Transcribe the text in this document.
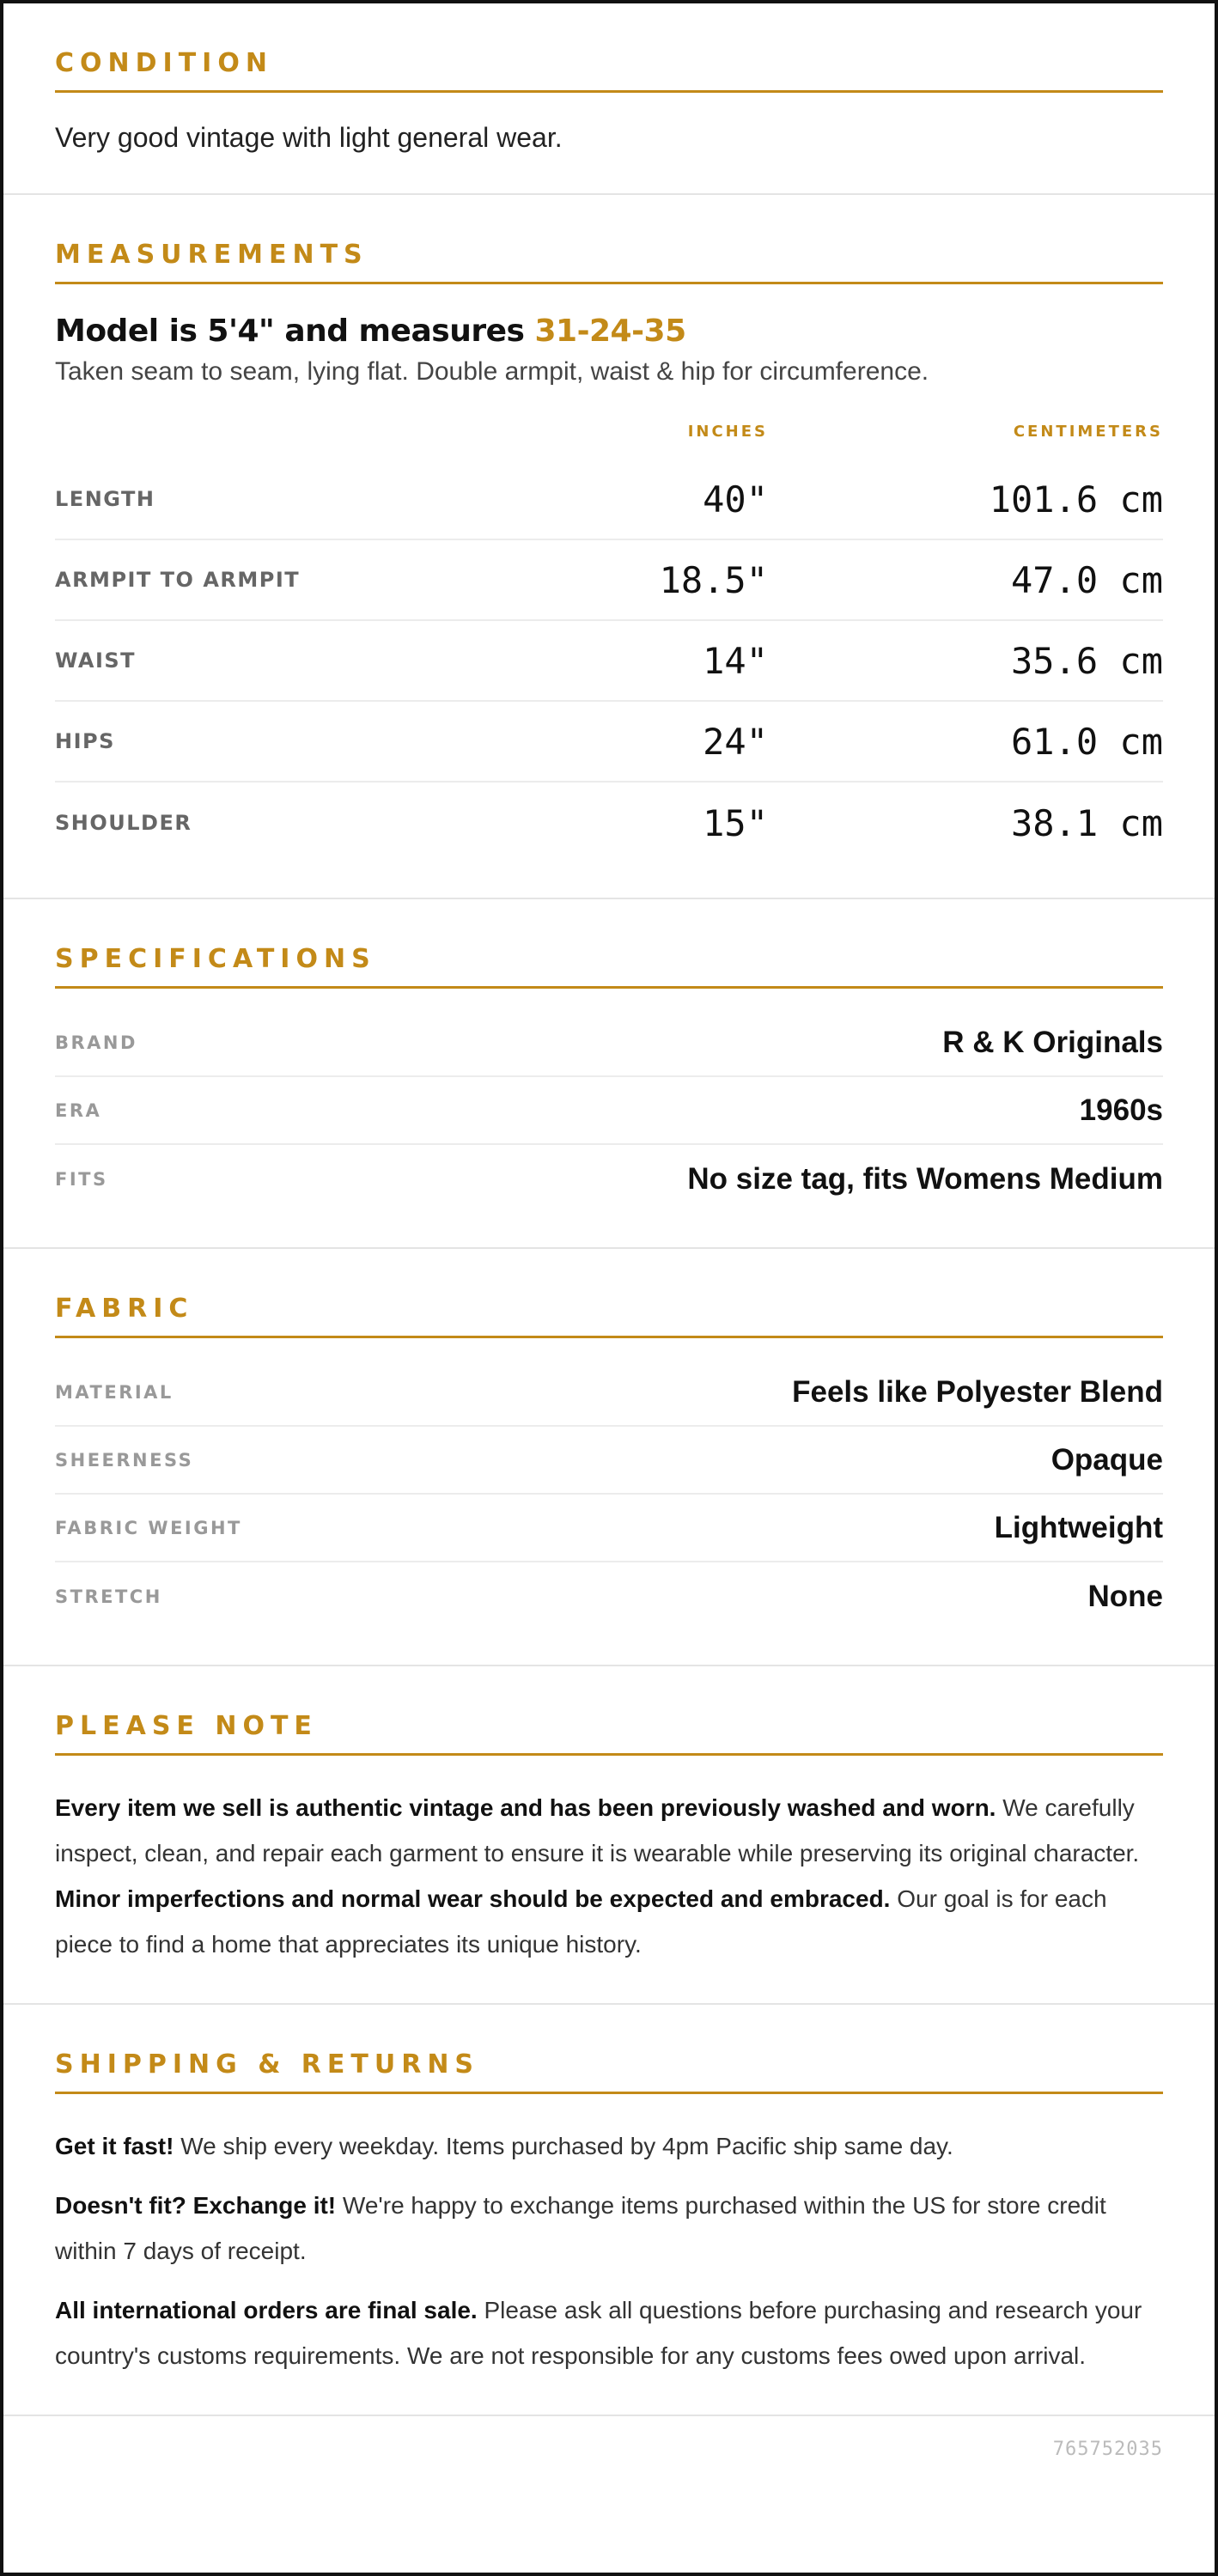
CONDITION

Very good vintage with light general wear.

MEASUREMENTS
Model is 5'4" and measures 31-24-35

Taken seam to seam, lying flat. Double armpit, waist & hip for circumference.

INCHES	CENTIMETERS
LENGTH	40"	101.6 cm
ARMPIT TO ARMPIT	18.5"	47.0 cm
WAIST	14"	35.6 cm
HIPS	24"	61.0 cm
SHOULDER	15"	38.1 cm
SPECIFICATIONS
BRAND	R & K Originals
ERA	1960s
FITS	No size tag, fits Womens Medium
FABRIC
MATERIAL	Feels like Polyester Blend
SHEERNESS	Opaque
FABRIC WEIGHT	Lightweight
STRETCH	None
PLEASE NOTE

Every item we sell is authentic vintage and has been previously washed and worn. We carefully inspect, clean, and repair each garment to ensure it is wearable while preserving its original character. Minor imperfections and normal wear should be expected and embraced. Our goal is for each piece to find a home that appreciates its unique history.

SHIPPING & RETURNS

Get it fast! We ship every weekday. Items purchased by 4pm Pacific ship same day.

Doesn't fit? Exchange it! We're happy to exchange items purchased within the US for store credit within 7 days of receipt.

All international orders are final sale. Please ask all questions before purchasing and research your country's customs requirements. We are not responsible for any customs fees owed upon arrival.

765752035
